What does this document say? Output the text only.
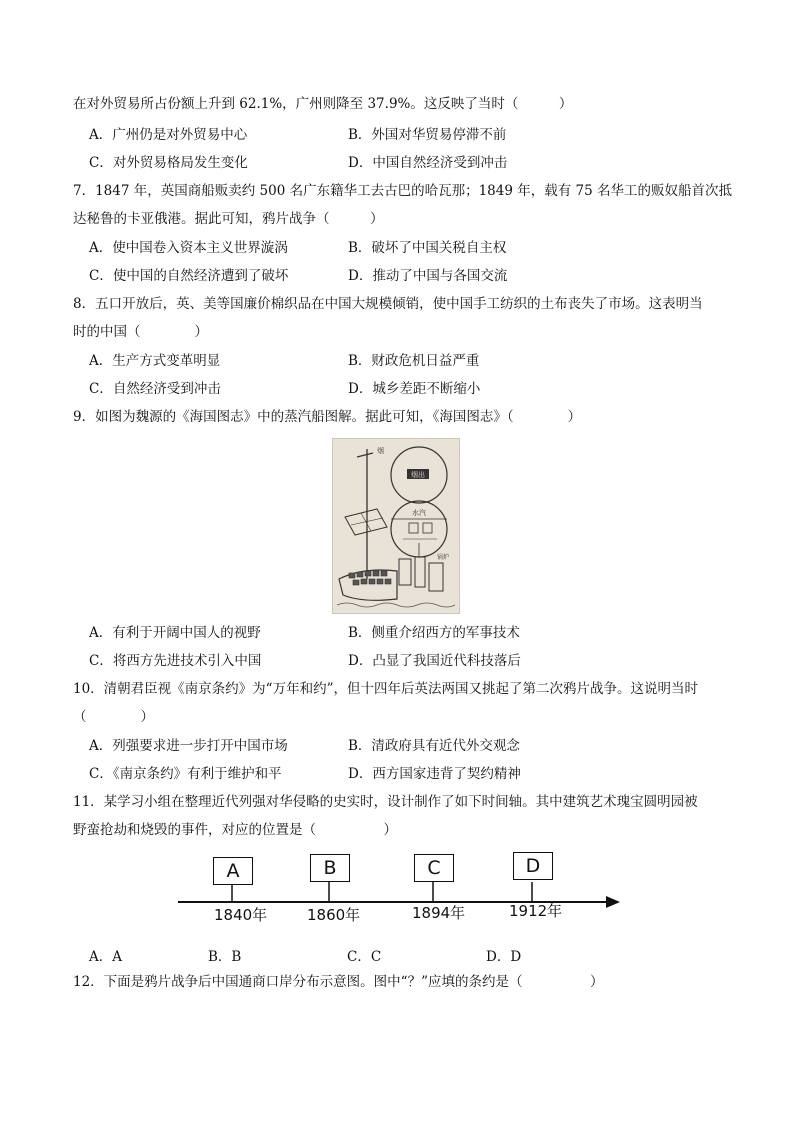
在对外贸易所占份额上升到 62.1%，广州则降至 37.9%。这反映了当时（　　　）
A．广州仍是对外贸易中心	B．外国对华贸易停滞不前
C．对外贸易格局发生变化	D．中国自然经济受到冲击
7．1847 年，英国商船贩卖约 500 名广东籍华工去古巴的哈瓦那；1849 年，载有 75 名华工的贩奴船首次抵
达秘鲁的卡亚俄港。据此可知，鸦片战争（　　　）
A．使中国卷入资本主义世界漩涡	B．破坏了中国关税自主权
C．使中国的自然经济遭到了破坏	D．推动了中国与各国交流
8．五口开放后，英、美等国廉价棉织品在中国大规模倾销，使中国手工纺织的土布丧失了市场。这表明当
时的中国（　　　　）
A．生产方式变革明显	B．财政危机日益严重
C．自然经济受到冲击	D．城乡差距不断缩小
9．如图为魏源的《海国图志》中的蒸汽船图解。据此可知，《海国图志》（　　　　）
烟出
水汽
烟
锅炉
A．有利于开阔中国人的视野	B．侧重介绍西方的军事技术
C．将西方先进技术引入中国	D．凸显了我国近代科技落后
10．清朝君臣视《南京条约》为“万年和约”，但十四年后英法两国又挑起了第二次鸦片战争。这说明当时
（　　　　）
A．列强要求进一步打开中国市场	B．清政府具有近代外交观念
C．《南京条约》有利于维护和平	D．西方国家违背了契约精神
11．某学习小组在整理近代列强对华侵略的史实时，设计制作了如下时间轴。其中建筑艺术瑰宝圆明园被
野蛮抢劫和烧毁的事件，对应的位置是（　　　　　）
A	B	C	D
1840年	1860年	1894年	1912年
A．A	B．B	C．C	D．D
12．下面是鸦片战争后中国通商口岸分布示意图。图中“？”应填的条约是（　　　　　）
